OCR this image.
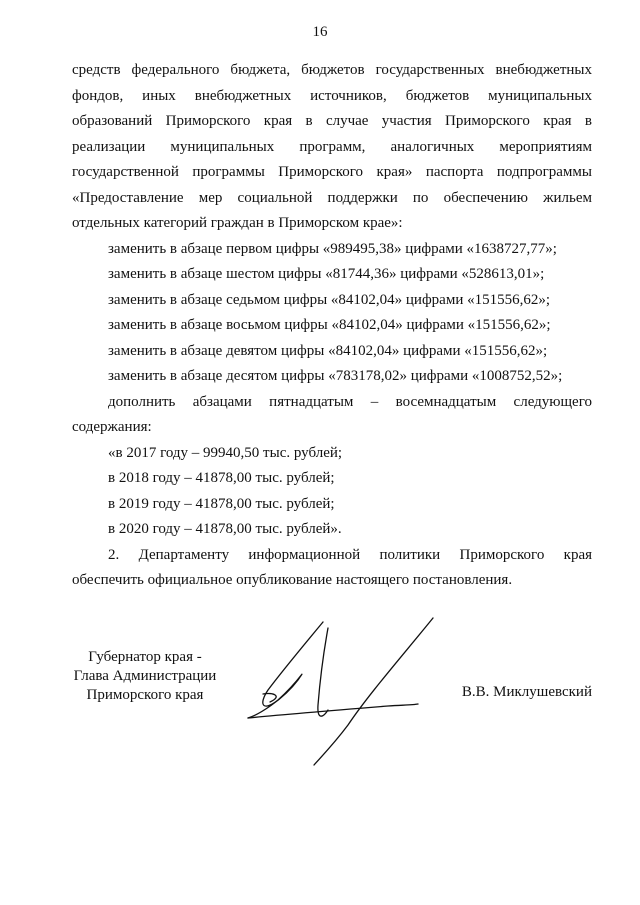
16

средств федерального бюджета, бюджетов государственных внебюджетных

фондов, иных внебюджетных источников, бюджетов муниципальных

образований Приморского края в случае участия Приморского края в

реализации муниципальных программ, аналогичных мероприятиям

государственной программы Приморского края» паспорта подпрограммы

«Предоставление мер социальной поддержки по обеспечению жильем

отдельных категорий граждан в Приморском крае»:

заменить в абзаце первом цифры «989495,38» цифрами «1638727,77»;

заменить в абзаце шестом цифры «81744,36» цифрами «528613,01»;

заменить в абзаце седьмом цифры «84102,04» цифрами «151556,62»;

заменить в абзаце восьмом цифры «84102,04» цифрами «151556,62»;

заменить в абзаце девятом цифры «84102,04» цифрами «151556,62»;

заменить в абзаце десятом цифры «783178,02» цифрами «1008752,52»;

дополнить абзацами пятнадцатым – восемнадцатым следующего

содержания:

«в 2017 году – 99940,50 тыс. рублей;

в 2018 году – 41878,00 тыс. рублей;

в 2019 году – 41878,00 тыс. рублей;

в 2020 году – 41878,00 тыс. рублей».

2. Департаменту информационной политики Приморского края

обеспечить официальное опубликование настоящего постановления.

Губернатор края -
Глава Администрации
Приморского края	В.В. Миклушевский
